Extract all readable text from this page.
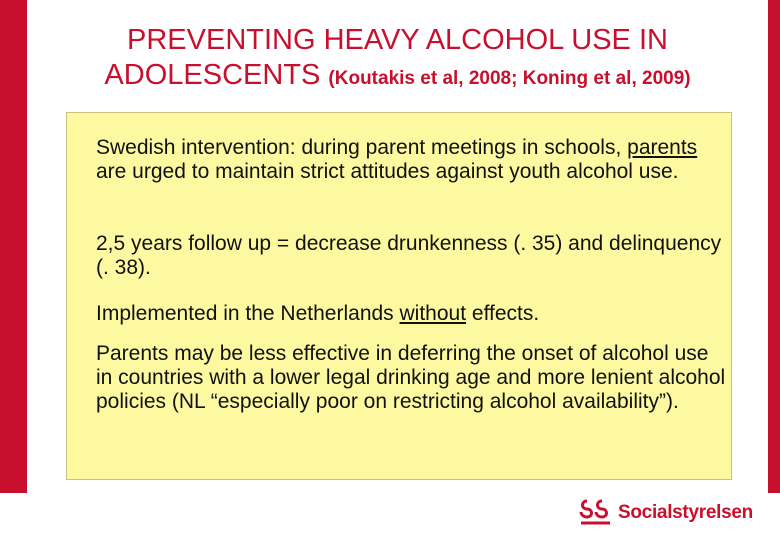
PREVENTING HEAVY ALCOHOL USE IN
ADOLESCENTS (Koutakis et al, 2008; Koning et al, 2009)
Swedish intervention: during parent meetings in schools, parents are urged to maintain strict attitudes against youth alcohol use.
2,5 years follow up = decrease drunkenness (. 35) and delinquency (. 38).
Implemented in the Netherlands without effects.
Parents may be less effective in deferring the onset of alcohol use in countries with a lower legal drinking age and more lenient alcohol policies (NL “especially poor on restricting alcohol availability”).
Socialstyrelsen
